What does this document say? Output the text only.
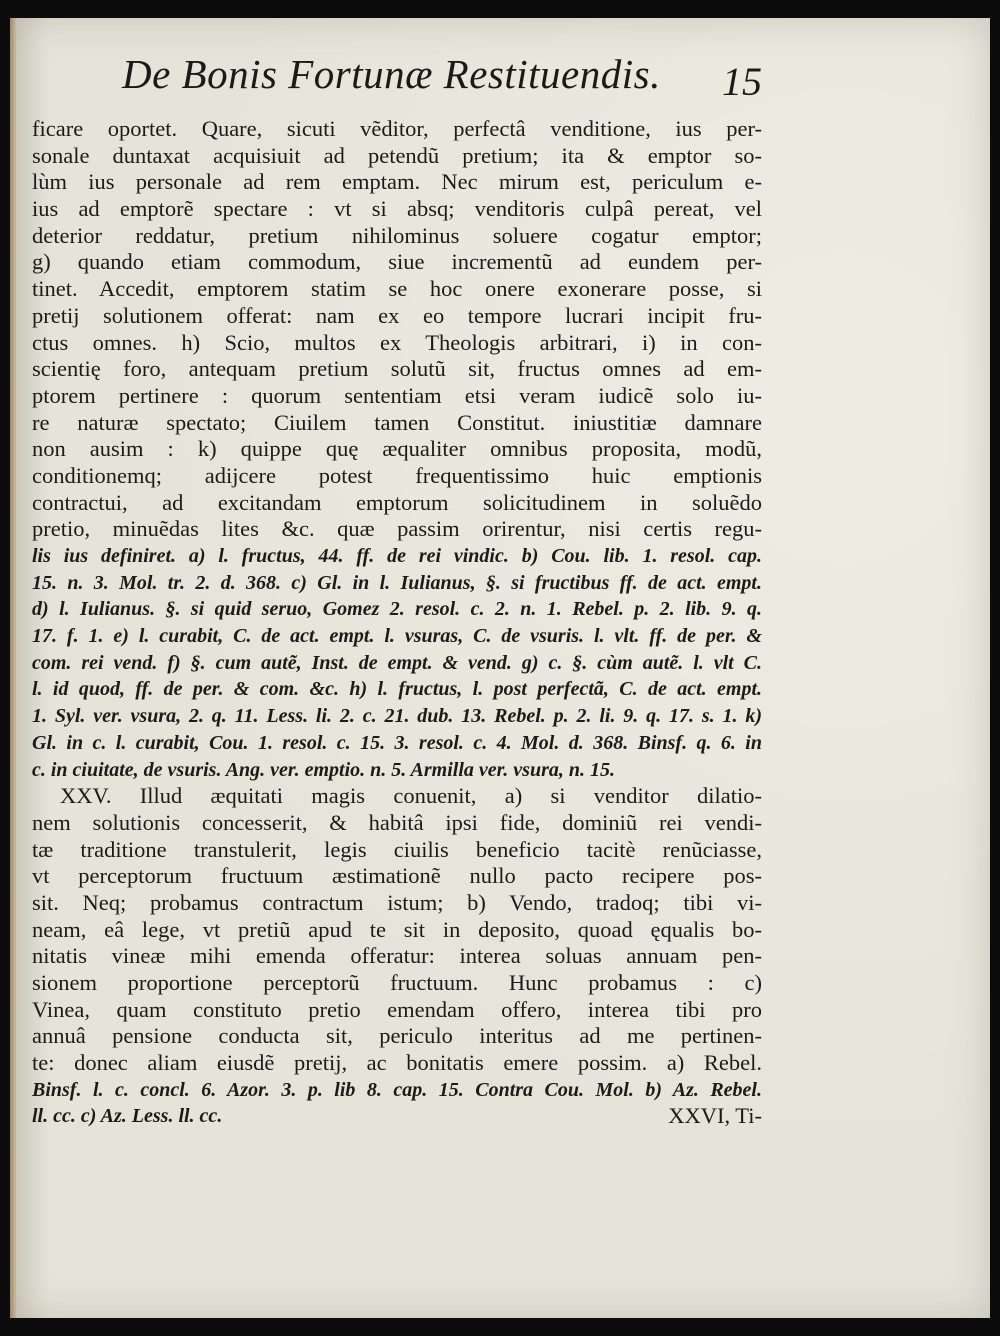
De Bonis Fortunæ Restituendis. 15
ficare oportet. Quare, sicuti vẽditor, perfectâ venditione, ius per-
sonale duntaxat acquisiuit ad petendũ pretium; ita & emptor so-
lùm ius personale ad rem emptam. Nec mirum est, periculum e-
ius ad emptorẽ spectare : vt si absq; venditoris culpâ pereat, vel
deterior reddatur, pretium nihilominus soluere cogatur emptor;
g) quando etiam commodum, siue incrementũ ad eundem per-
tinet. Accedit, emptorem statim se hoc onere exonerare posse, si
pretij solutionem offerat: nam ex eo tempore lucrari incipit fru-
ctus omnes. h) Scio, multos ex Theologis arbitrari, i) in con-
scientię foro, antequam pretium solutũ sit, fructus omnes ad em-
ptorem pertinere : quorum sententiam etsi veram iudicẽ solo iu-
re naturæ spectato; Ciuilem tamen Constitut. iniustitiæ damnare
non ausim : k) quippe quę æqualiter omnibus proposita, modũ,
conditionemq; adijcere potest frequentissimo huic emptionis
contractui, ad excitandam emptorum solicitudinem in soluẽdo
pretio, minuẽdas lites &c. quæ passim orirentur, nisi certis regu-
lis ius definiret. a) l. fructus, 44. ff. de rei vindic. b) Cou. lib. 1. resol. cap.
15. n. 3. Mol. tr. 2. d. 368. c) Gl. in l. Iulianus, §. si fructibus ff. de act. empt.
d) l. Iulianus. §. si quid seruo, Gomez 2. resol. c. 2. n. 1. Rebel. p. 2. lib. 9. q.
17. f. 1. e) l. curabit, C. de act. empt. l. vsuras, C. de vsuris. l. vlt. ff. de per. &
com. rei vend. f) §. cum autẽ, Inst. de empt. & vend. g) c. §. cùm autẽ. l. vlt C.
l. id quod, ff. de per. & com. &c. h) l. fructus, l. post perfectã, C. de act. empt.
1. Syl. ver. vsura, 2. q. 11. Less. li. 2. c. 21. dub. 13. Rebel. p. 2. li. 9. q. 17. s. 1. k)
Gl. in c. l. curabit, Cou. 1. resol. c. 15. 3. resol. c. 4. Mol. d. 368. Binsf. q. 6. in
c. in ciuitate, de vsuris. Ang. ver. emptio. n. 5. Armilla ver. vsura, n. 15.
XXV. Illud æquitati magis conuenit, a) si venditor dilatio-
nem solutionis concesserit, & habitâ ipsi fide, dominiũ rei vendi-
tæ traditione transtulerit, legis ciuilis beneficio tacitè renũciasse,
vt perceptorum fructuum æstimationẽ nullo pacto recipere pos-
sit. Neq; probamus contractum istum; b) Vendo, tradoq; tibi vi-
neam, eâ lege, vt pretiũ apud te sit in deposito, quoad ęqualis bo-
nitatis vineæ mihi emenda offeratur: interea soluas annuam pen-
sionem proportione perceptorũ fructuum. Hunc probamus : c)
Vinea, quam constituto pretio emendam offero, interea tibi pro
annuâ pensione conducta sit, periculo interitus ad me pertinen-
te: donec aliam eiusdẽ pretij, ac bonitatis emere possim. a) Rebel.
Binsf. l. c. concl. 6. Azor. 3. p. lib 8. cap. 15. Contra Cou. Mol. b) Az. Rebel.
ll. cc. c) Az. Less. ll. cc.	XXVI, Ti-
